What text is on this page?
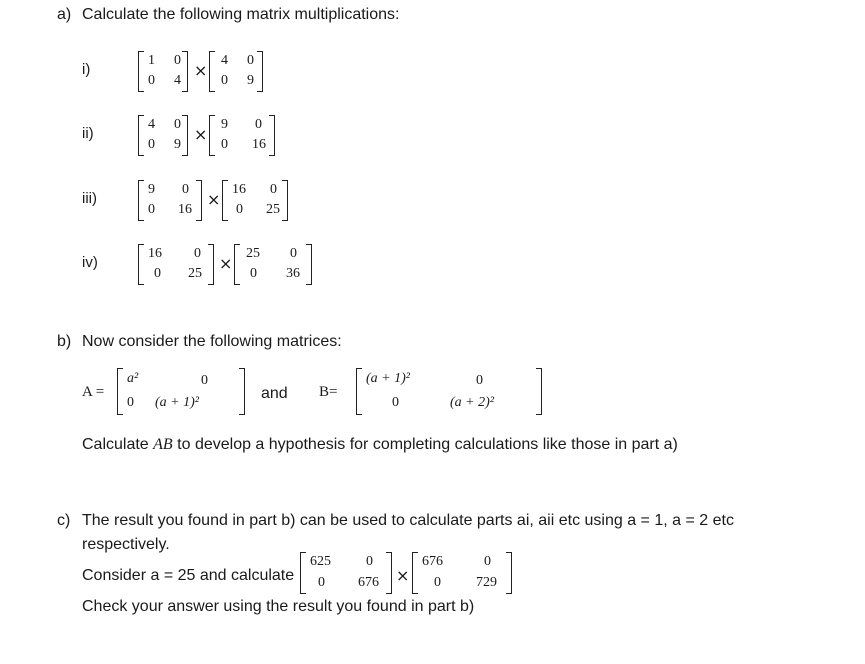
a) Calculate the following matrix multiplications:
i)
1 0
0 4
×
4 0
0 9
ii)
4 0
0 9
×
9 0
0 16
iii)
9 0
0 16
×
16 0
0 25
iv)
16 0
0 25
×
25 0
0 36
b) Now consider the following matrices:
A =
a²	0
0 (a + 1)²
and B=
(a + 1)²	0
0	(a + 2)²
Calculate AB to develop a hypothesis for completing calculations like those in part a)
c) The result you found in part b) can be used to calculate parts ai, aii etc using a = 1, a = 2 etc
respectively.
Consider a = 25 and calculate
625	0
0 676 ×
676	0
0	729
Check your answer using the result you found in part b)
